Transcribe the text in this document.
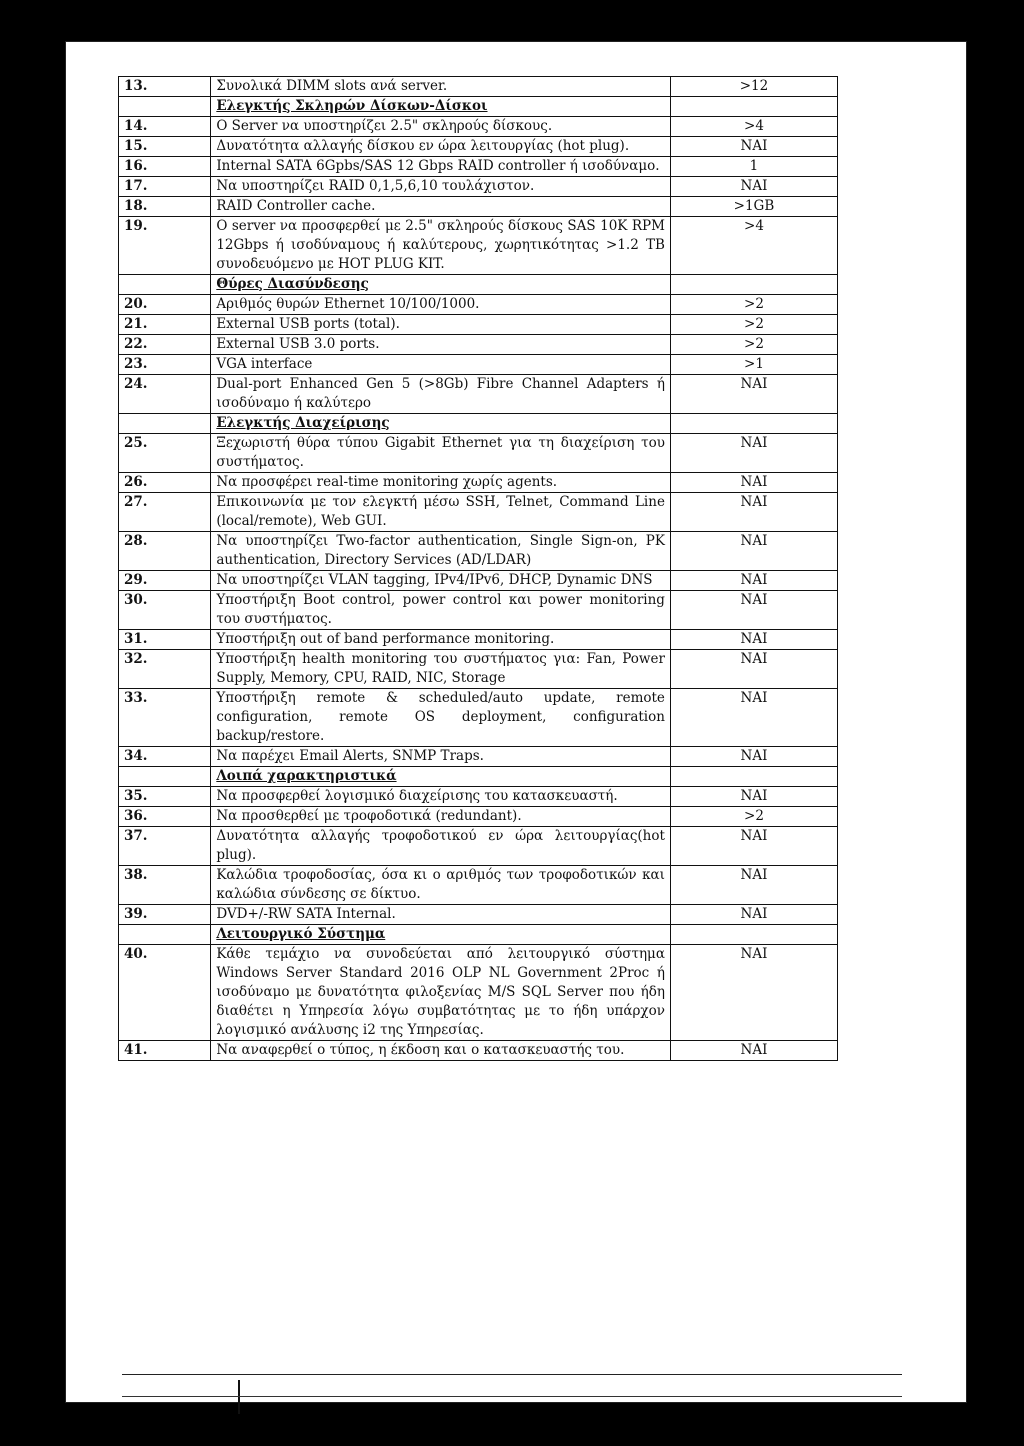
13.	Συνολικά DIMM slots ανά server.	>12
	Ελεγκτής Σκληρών Δίσκων-Δίσκοι	
14.	O Server να υποστηρίζει 2.5" σκληρούς δίσκους.	>4
15.	Δυνατότητα αλλαγής δίσκου εν ώρα λειτουργίας (hot plug).	ΝΑΙ
16.	Internal SATA 6Gpbs/SAS 12 Gbps RAID controller ή ισοδύναμο.	1
17.	Να υποστηρίζει RAID 0,1,5,6,10 τουλάχιστον.	ΝΑΙ
18.	RAID Controller cache.	>1GB
19.	O server να προσφερθεί με 2.5" σκληρούς δίσκους SAS 10K RPM 12Gbps ή ισοδύναμους ή καλύτερους, χωρητικότητας >1.2 TB συνοδευόμενο με HOT PLUG KIT.	>4
	Θύρες Διασύνδεσης	
20.	Αριθμός θυρών Ethernet 10/100/1000.	>2
21.	External USB ports (total).	>2
22.	External USB 3.0 ports.	>2
23.	VGA interface	>1
24.	Dual-port Enhanced Gen 5 (>8Gb) Fibre Channel Adapters ή ισοδύναμο ή καλύτερο	ΝΑΙ
	Ελεγκτής Διαχείρισης	
25.	Ξεχωριστή θύρα τύπου Gigabit Ethernet για τη διαχείριση του συστήματος.	ΝΑΙ
26.	Να προσφέρει real-time monitoring χωρίς agents.	ΝΑΙ
27.	Επικοινωνία με τον ελεγκτή μέσω SSH, Telnet, Command Line (local/remote), Web GUI.	ΝΑΙ
28.	Να υποστηρίζει Two-factor authentication, Single Sign-on, PK authentication, Directory Services (AD/LDAR)	ΝΑΙ
29.	Να υποστηρίζει VLAN tagging, IPv4/IPv6, DHCP, Dynamic DNS	ΝΑΙ
30.	Υποστήριξη Boot control, power control και power monitoring του συστήματος.	ΝΑΙ
31.	Υποστήριξη out of band performance monitoring.	ΝΑΙ
32.	Υποστήριξη health monitoring του συστήματος για: Fan, Power Supply, Memory, CPU, RAID, NIC, Storage	ΝΑΙ
33.	Υποστήριξη remote & scheduled/auto update, remote configuration, remote OS deployment, configuration backup/restore.	ΝΑΙ
34.	Να παρέχει Email Alerts, SNMP Traps.	ΝΑΙ
	Λοιπά χαρακτηριστικά	
35.	Να προσφερθεί λογισμικό διαχείρισης του κατασκευαστή.	ΝΑΙ
36.	Να προσθερθεί με τροφοδοτικά (redundant).	>2
37.	Δυνατότητα αλλαγής τροφοδοτικού εν ώρα λειτουργίας(hot plug).	ΝΑΙ
38.	Καλώδια τροφοδοσίας, όσα κι ο αριθμός των τροφοδοτικών και καλώδια σύνδεσης σε δίκτυο.	ΝΑΙ
39.	DVD+/-RW SATA Internal.	ΝΑΙ
	Λειτουργικό Σύστημα	
40.	Κάθε τεμάχιο να συνοδεύεται από λειτουργικό σύστημα Windows Server Standard 2016 OLP NL Government 2Proc ή ισοδύναμο με δυνατότητα φιλοξενίας M/S SQL Server που ήδη διαθέτει η Υπηρεσία λόγω συμβατότητας με το ήδη υπάρχον λογισμικό ανάλυσης i2 της Υπηρεσίας.	ΝΑΙ
41.	Να αναφερθεί ο τύπος, η έκδοση και ο κατασκευαστής του.	ΝΑΙ
